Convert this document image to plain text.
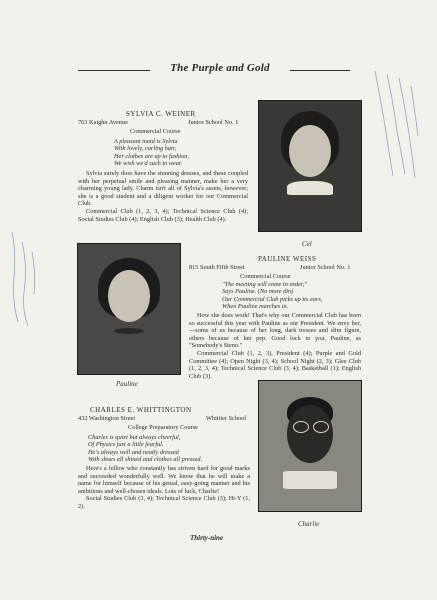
The Purple and Gold
SYLVIA C. WEINER
763 Kaighn Avenue	Junior School No. 1
Commercial Course
A pleasant maid is Sylvia
With lovely, curling hair,
Her clothes are up to fashion,
We wish we'd such to wear.

Sylvia surely does have the stunning dresses, and these coupled with her perpetual smile and pleasing manner, make her a very charming young lady. Charm isn't all of Sylvia's assets, however; she is a good student and a diligent worker for our Commercial Club.

Commercial Club (1, 2, 3, 4); Technical Science Club (4); Social Studies Club (4); English Club (3); Health Club (4).

Cel
Pauline
PAULINE WEISS
815 South Fifth Street	Junior School No. 1
Commercial Course
"The meeting will come to order,"
Says Pauline. (No more din)
Our Commercial Club picks up its ears,
When Pauline marches in.

How she does work! That's why our Commercial Club has been so successful this year with Pauline as our President. We envy her,—some of us because of her long, dark tresses and slim figure, others because of her pep. Good luck to you, Pauline, as "Somebody's Steno."

Commercial Club (1, 2, 3), President (4); Purple and Gold Committee (4); Open Night (3, 4); School Night (2, 3); Glee Club (1, 2, 3, 4); Technical Science Club (3, 4); Basketball (1); English Club (3).

CHARLES E. WHITTINGTON
432 Washington Street	Whittier School
College Preparatory Course
Charles is quiet but always cheerful,
Of Physics just a little fearful.
He's always well and neatly dressed
With shoes all shined and clothes all pressed.

Here's a fellow who constantly has striven hard for good marks and succeeded wonderfully well. We know that he will make a name for himself because of his genial, easy-going manner and his ambitions and well-chosen ideals. Lots of luck, Charlie!

Social Studies Club (3, 4); Technical Science Club (3); Hi-Y (1, 2).

Charlie
Thirty-nine
